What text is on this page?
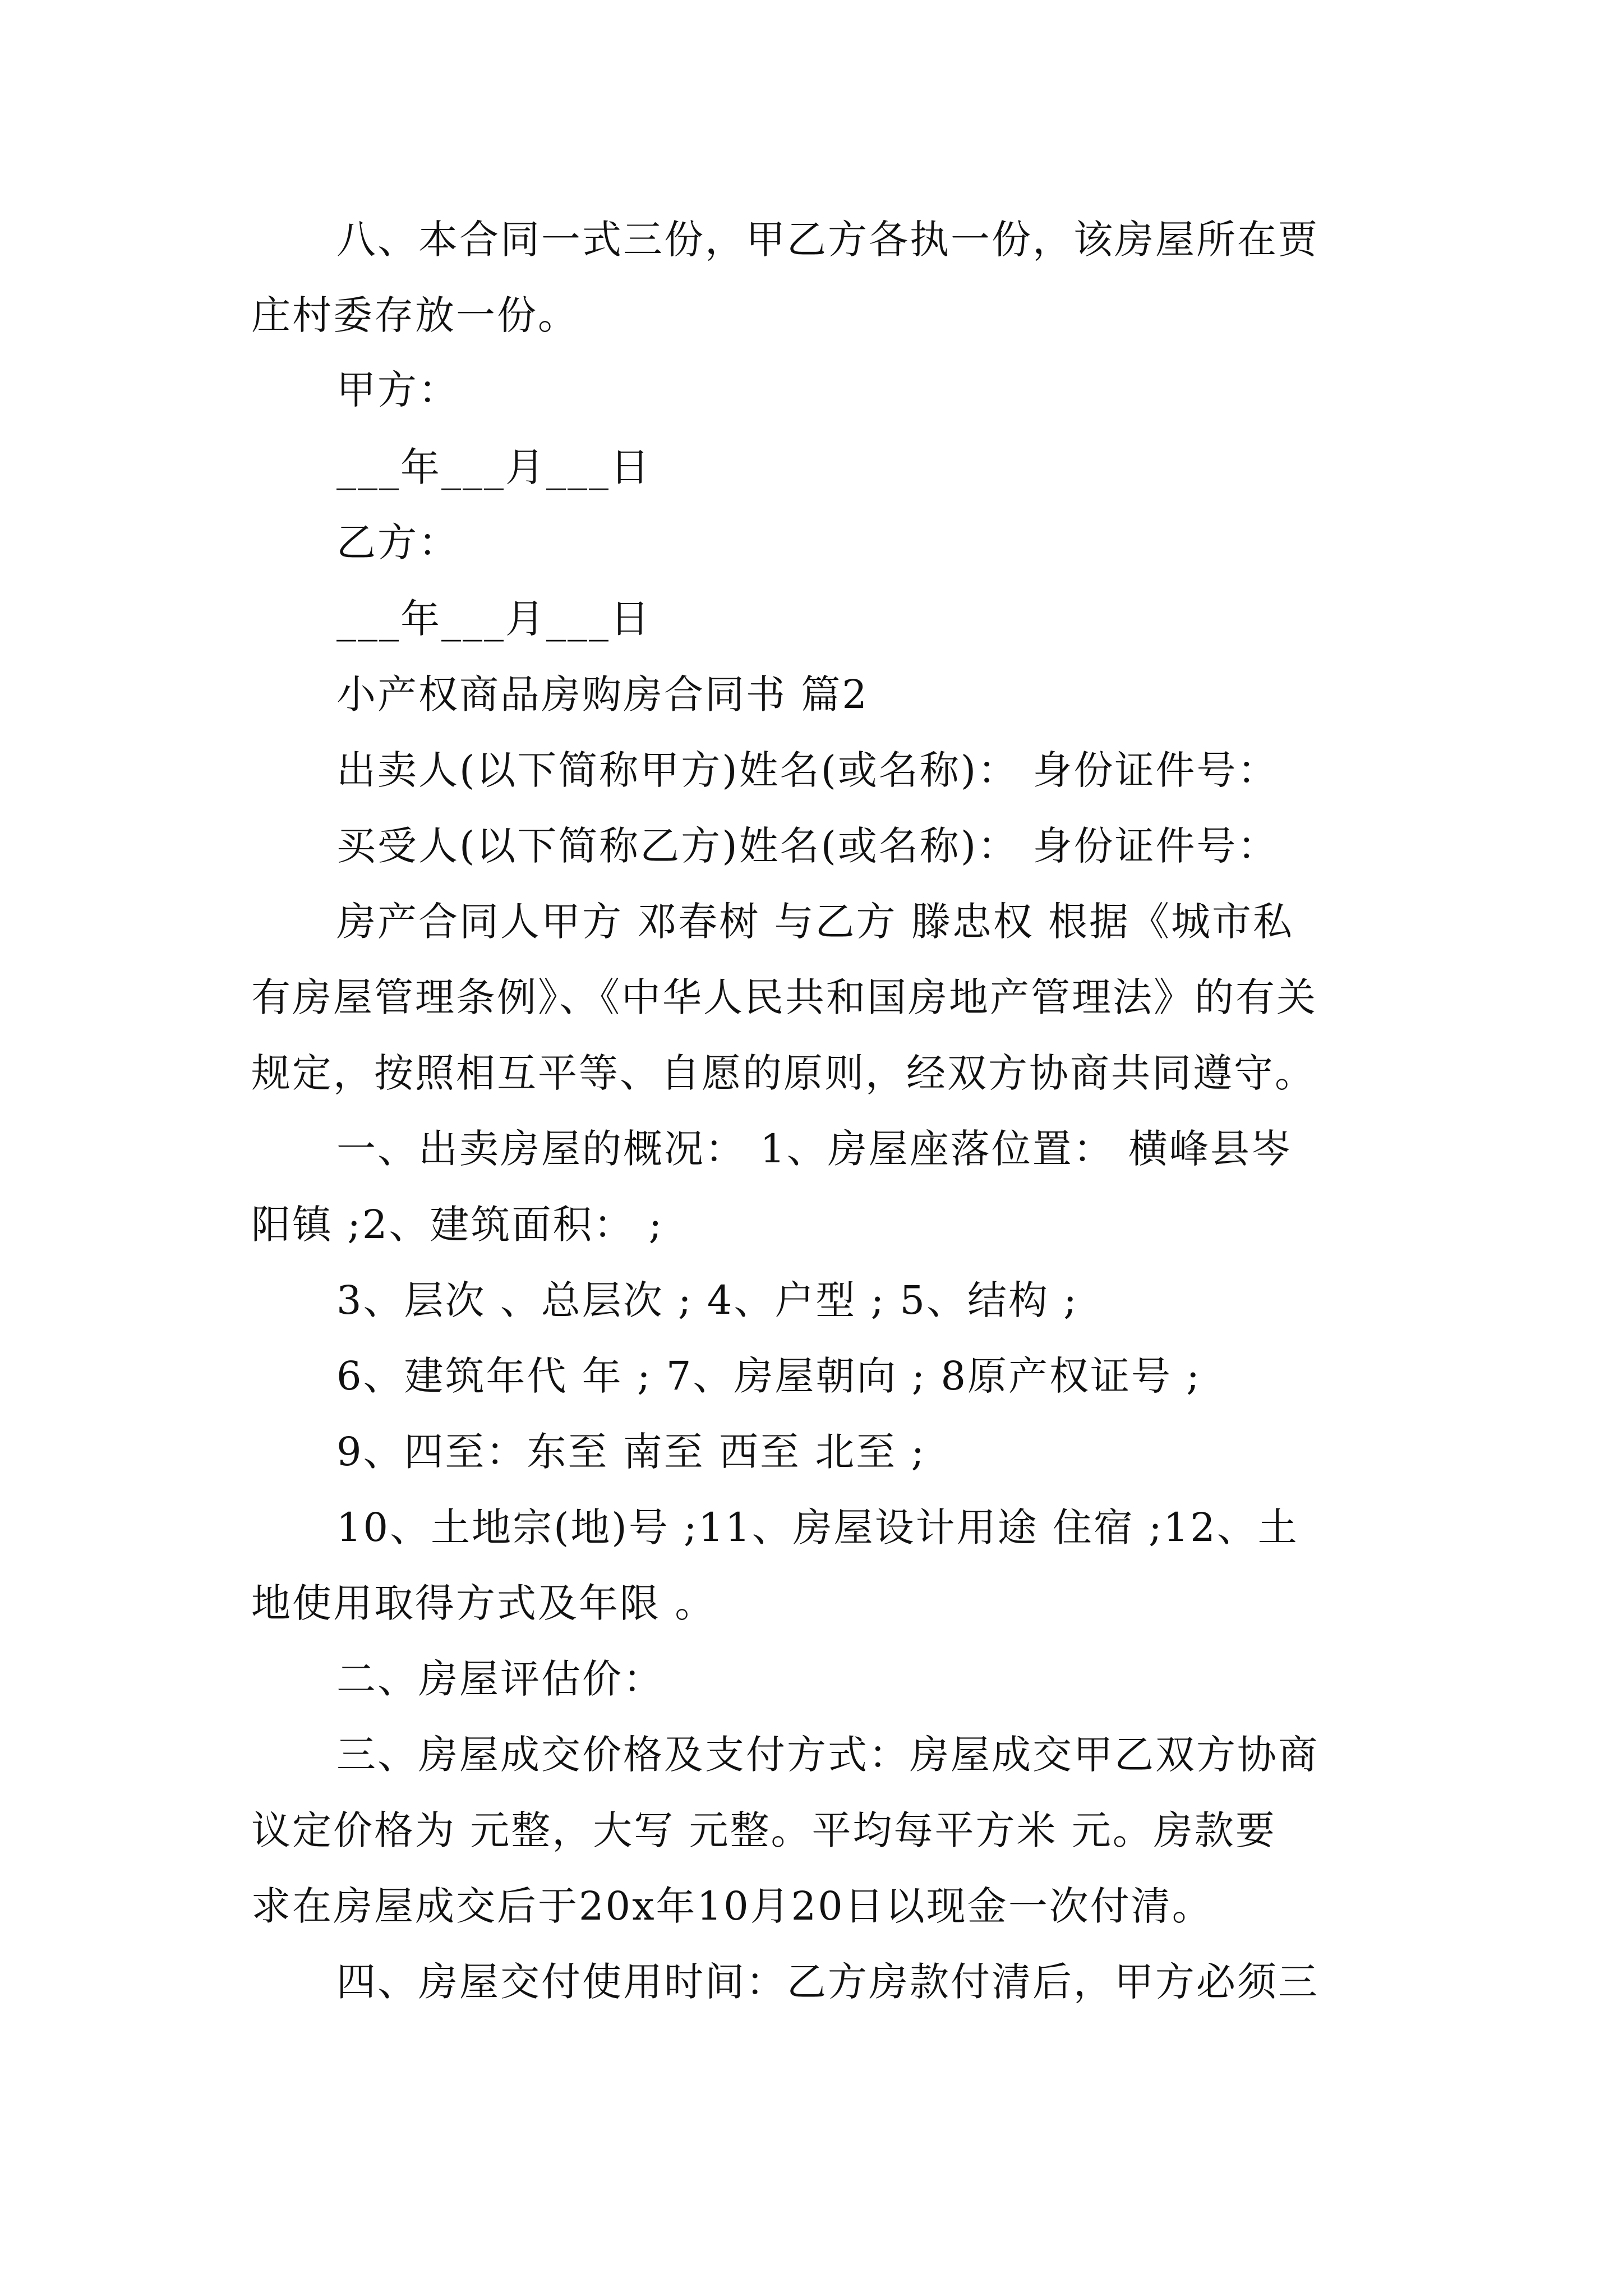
八、本合同一式三份，甲乙方各执一份，该房屋所在贾
庄村委存放一份。
甲方：
___年___月___日
乙方：
___年___月___日
小产权商品房购房合同书 篇2
出卖人(以下简称甲方)姓名(或名称)： 身份证件号：
买受人(以下简称乙方)姓名(或名称)： 身份证件号：
房产合同人甲方 邓春树 与乙方 滕忠权 根据《城市私
有房屋管理条例》、《中华人民共和国房地产管理法》的有关
规定，按照相互平等、自愿的原则，经双方协商共同遵守。
一、出卖房屋的概况： 1、房屋座落位置： 横峰县岑
阳镇 ;2、建筑面积： ;
3、层次 、总层次 ; 4、户型 ; 5、结构 ;
6、建筑年代 年 ; 7、房屋朝向 ; 8原产权证号 ;
9、四至：东至 南至 西至 北至 ;
10、土地宗(地)号 ;11、房屋设计用途 住宿 ;12、土
地使用取得方式及年限 。
二、房屋评估价：
三、房屋成交价格及支付方式：房屋成交甲乙双方协商
议定价格为 元整，大写 元整。平均每平方米 元。房款要
求在房屋成交后于20x年10月20日以现金一次付清。
四、房屋交付使用时间：乙方房款付清后，甲方必须三
